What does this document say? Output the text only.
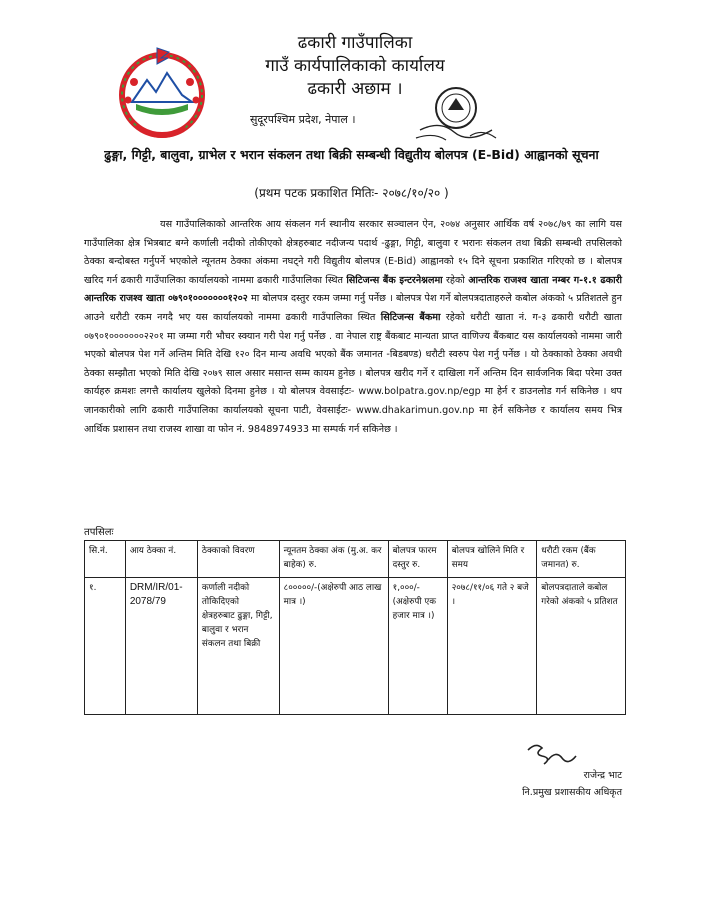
ढकारी गाउँपालिका
गाउँ कार्यपालिकाको कार्यालय
ढकारी अछाम ।
सुदूरपश्चिम प्रदेश, नेपाल ।
ढुङ्गा, गिट्टी, बालुवा, ग्राभेल र भरान संकलन तथा बिक्री सम्बन्धी विद्युतीय बोलपत्र (E-Bid) आह्वानको सूचना
(प्रथम पटक प्रकाशित मितिः- २०७८/१०/२० )

यस गाउँपालिकाको आन्तरिक आय संकलन गर्न स्थानीय सरकार सञ्चालन ऐन, २०७४ अनुसार आर्थिक वर्ष २०७८/७९ का लागि यस गाउँपालिका क्षेत्र भित्रबाट बग्ने कर्णाली नदीको तोकीएको क्षेत्रहरुबाट नदीजन्य पदार्थ -ढुङ्गा, गिट्टी, बालुवा र भरानः संकलन तथा बिक्री सम्बन्धी तपसिलको ठेक्का बन्दोबस्त गर्नुपर्ने भएकोले न्यूनतम ठेक्का अंकमा नघट्ने गरी विद्युतीय बोलपत्र (E-Bid) आह्वानको १५ दिने सूचना प्रकाशित गरिएको छ । बोलपत्र खरिद गर्न ढकारी गाउँपालिका कार्यालयको नाममा ढकारी गाउँपालिका स्थित सिटिजन्स बैंक इन्टरनेश्नलमा रहेको आन्तरिक राजश्व खाता नम्बर ग-१.१ ढकारी आन्तरिक राजश्व खाता ०७९०१०००००००१२०२ मा बोलपत्र दस्तुर रकम जम्मा गर्नु पर्नेछ । बोलपत्र पेश गर्ने बोलपत्रदाताहरुले कबोल अंकको ५ प्रतिशतले हुन आउने धरौटी रकम नगदै भए यस कार्यालयको नाममा ढकारी गाउँपालिका स्थित सिटिजन्स बैंकमा रहेको धरौटी खाता नं. ग-३ ढकारी धरौटी खाता ०७९०१०००००००२२०१ मा जम्मा गरी भौचर स्क्यान गरी पेश गर्नु पर्नेछ . वा नेपाल राष्ट्र बैंकबाट मान्यता प्राप्त वाणिज्य बैंकबाट यस कार्यालयको नाममा जारी भएको बोलपत्र पेश गर्ने अन्तिम मिति देखि १२० दिन मान्य अवधि भएको बैंक जमानत -बिडबण्ड) धरौटी स्वरुप पेश गर्नु पर्नेछ । यो ठेक्काको ठेक्का अवधी ठेक्का सम्झौता भएको मिति देखि २०७९ साल असार मसान्त सम्म कायम हुनेछ । बोलपत्र खरीद गर्ने र दाखिला गर्ने अन्तिम दिन सार्वजनिक बिदा परेमा उक्त कार्यहरु क्रमशः लगत्तै कार्यालय खुलेको दिनमा हुनेछ । यो बोलपत्र वेवसाईटः- www.bolpatra.gov.np/egp मा हेर्न र डाउनलोड गर्न सकिनेछ । थप जानकारीको लागि ढकारी गाउँपालिका कार्यालयको सूचना पाटी, वेवसाईटः- www.dhakarimun.gov.np मा हेर्न सकिनेछ र कार्यालय समय भित्र आर्थिक प्रशासन तथा राजस्व शाखा वा फोन नं. 9848974933 मा सम्पर्क गर्न सकिनेछ ।

तपसिलः
सि.नं.	आय ठेक्का नं.	ठेक्काको विवरण	न्यूनतम ठेक्का अंक (मु.अ. कर बाहेक) रु.	बोलपत्र फारम दस्तुर रु.	बोलपत्र खोलिने मिति र समय	धरौटी रकम (बैंक जमानत) रु.
१.	DRM/IR/01-2078/79	कर्णाली नदीको तोकिदिएको क्षेत्रहरुबाट ढुङ्गा, गिट्टी, बालुवा र भरान संकलन तथा बिक्री	८०००००/-(अक्षेरुपी आठ लाख मात्र ।)	१,०००/-(अक्षेरुपी एक हजार मात्र ।)	२०७८/११/०६ गते २ बजे ।	बोलपत्रदाताले कबोल गरेको अंकको ५ प्रतिशत
राजेन्द्र भाट
नि.प्रमुख प्रशासकीय अधिकृत
